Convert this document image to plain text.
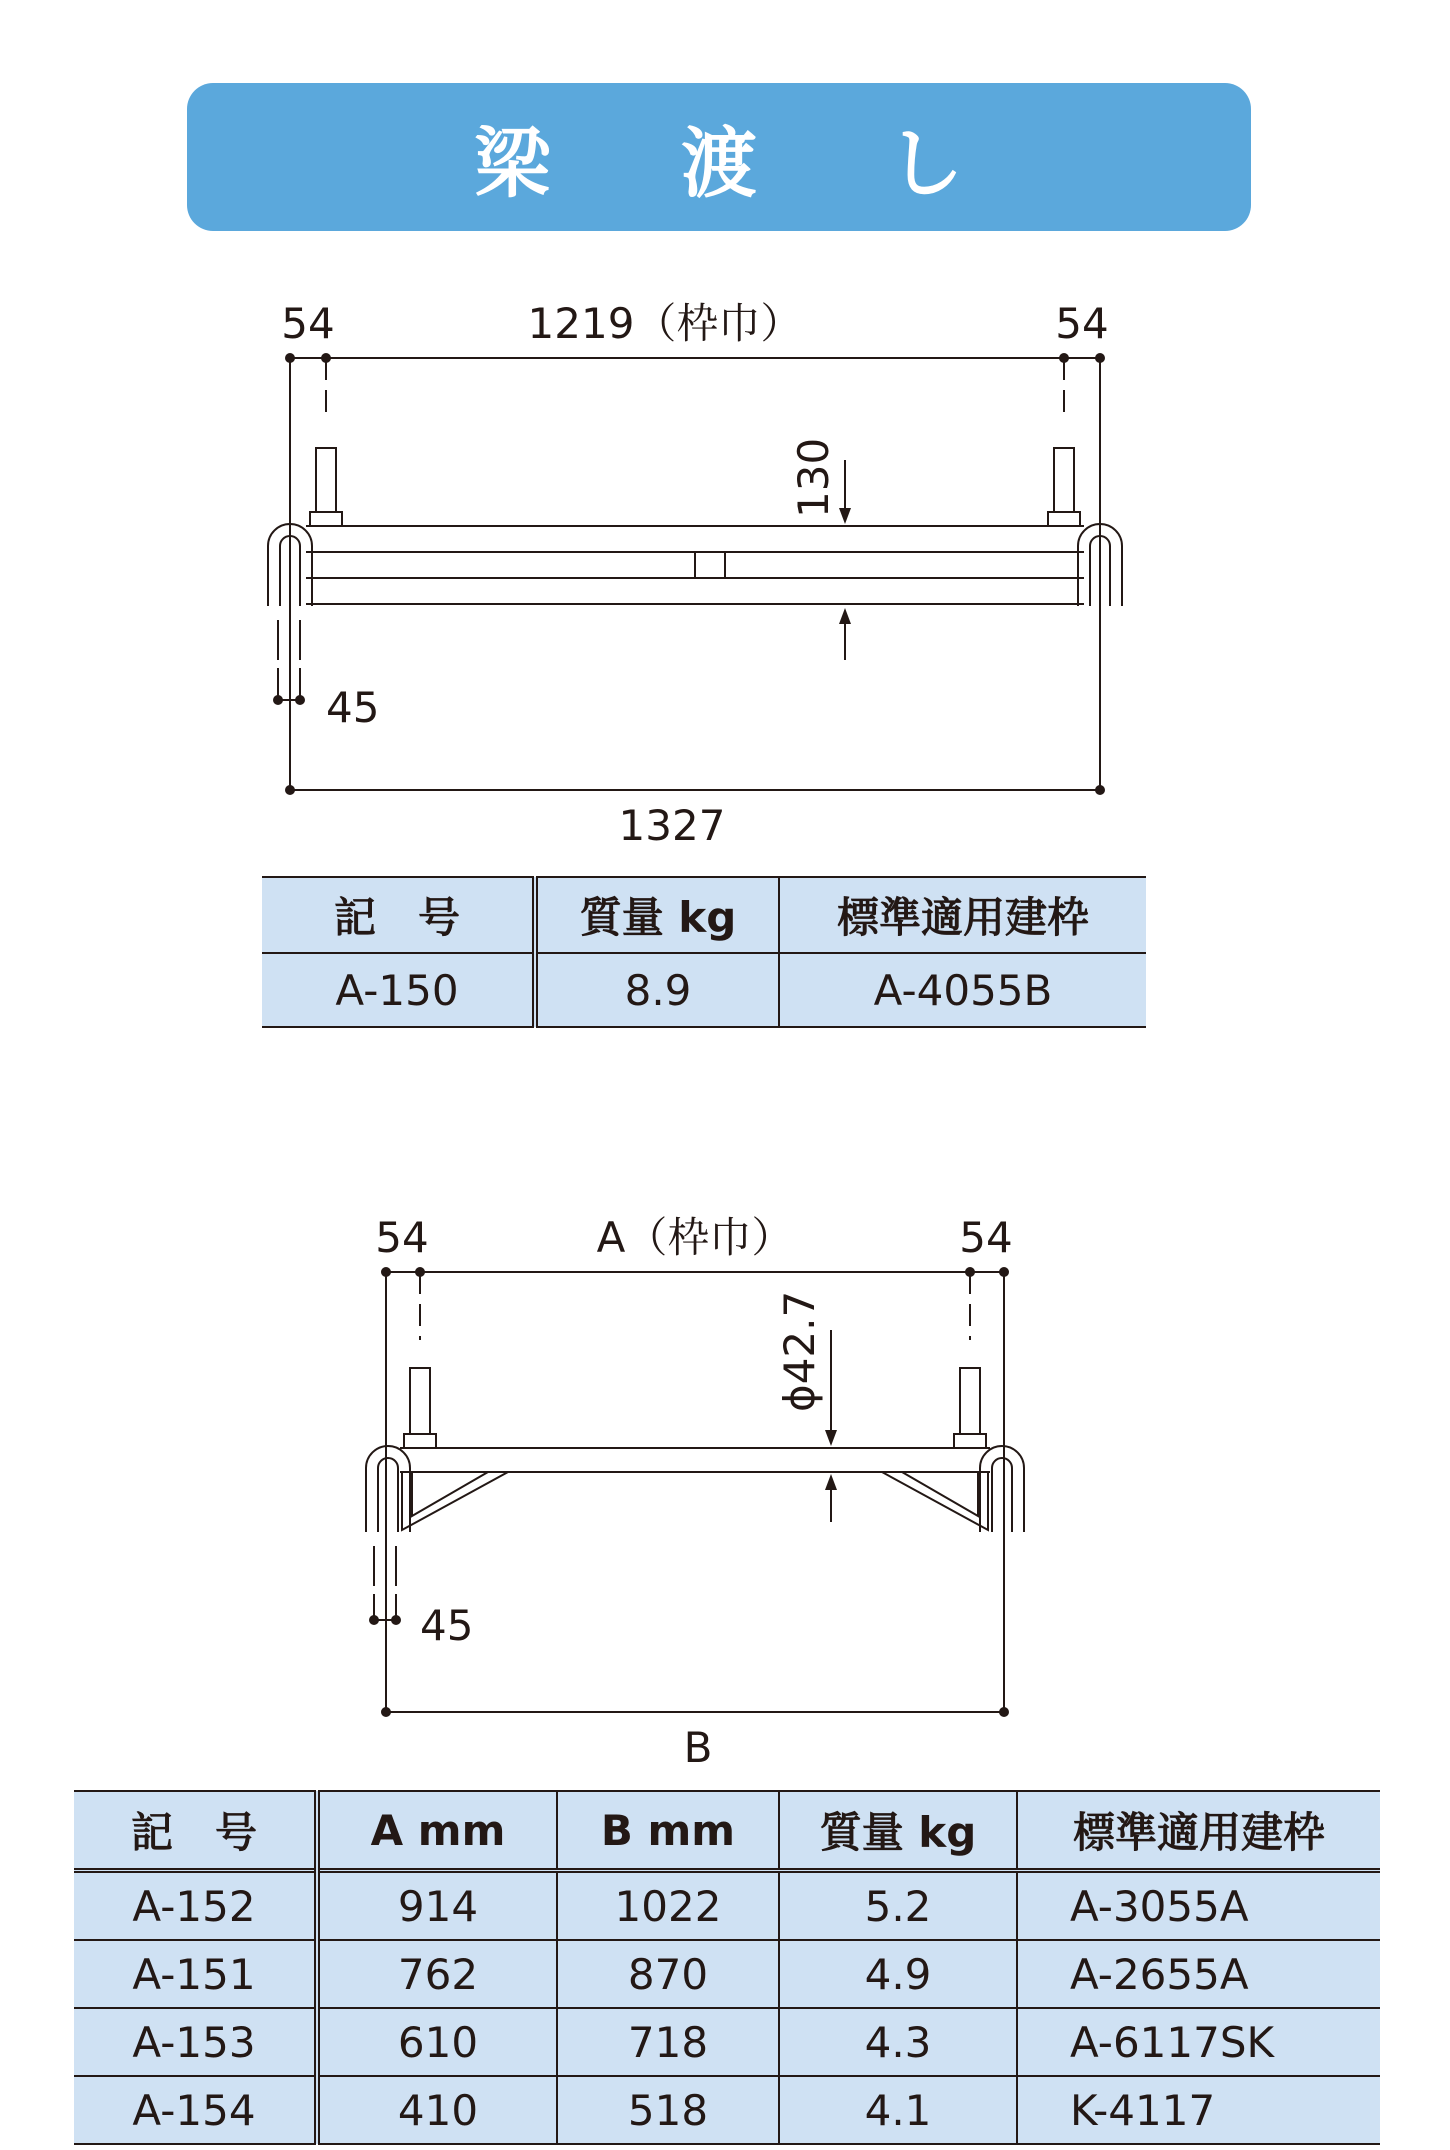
梁 渡 し
54	1219（枠巾）	54
130
45
1327
記　号	質量 kg	標準適用建枠
A-150	8.9	A-4055B
54	A（枠巾）	54
ϕ42.7
45
B
記　号	A mm	B mm	質量 kg	標準適用建枠
A-152	914	1022	5.2	A-3055A
A-151	762	870	4.9	A-2655A
A-153	610	718	4.3	A-6117SK
A-154	410	518	4.1	K-4117
